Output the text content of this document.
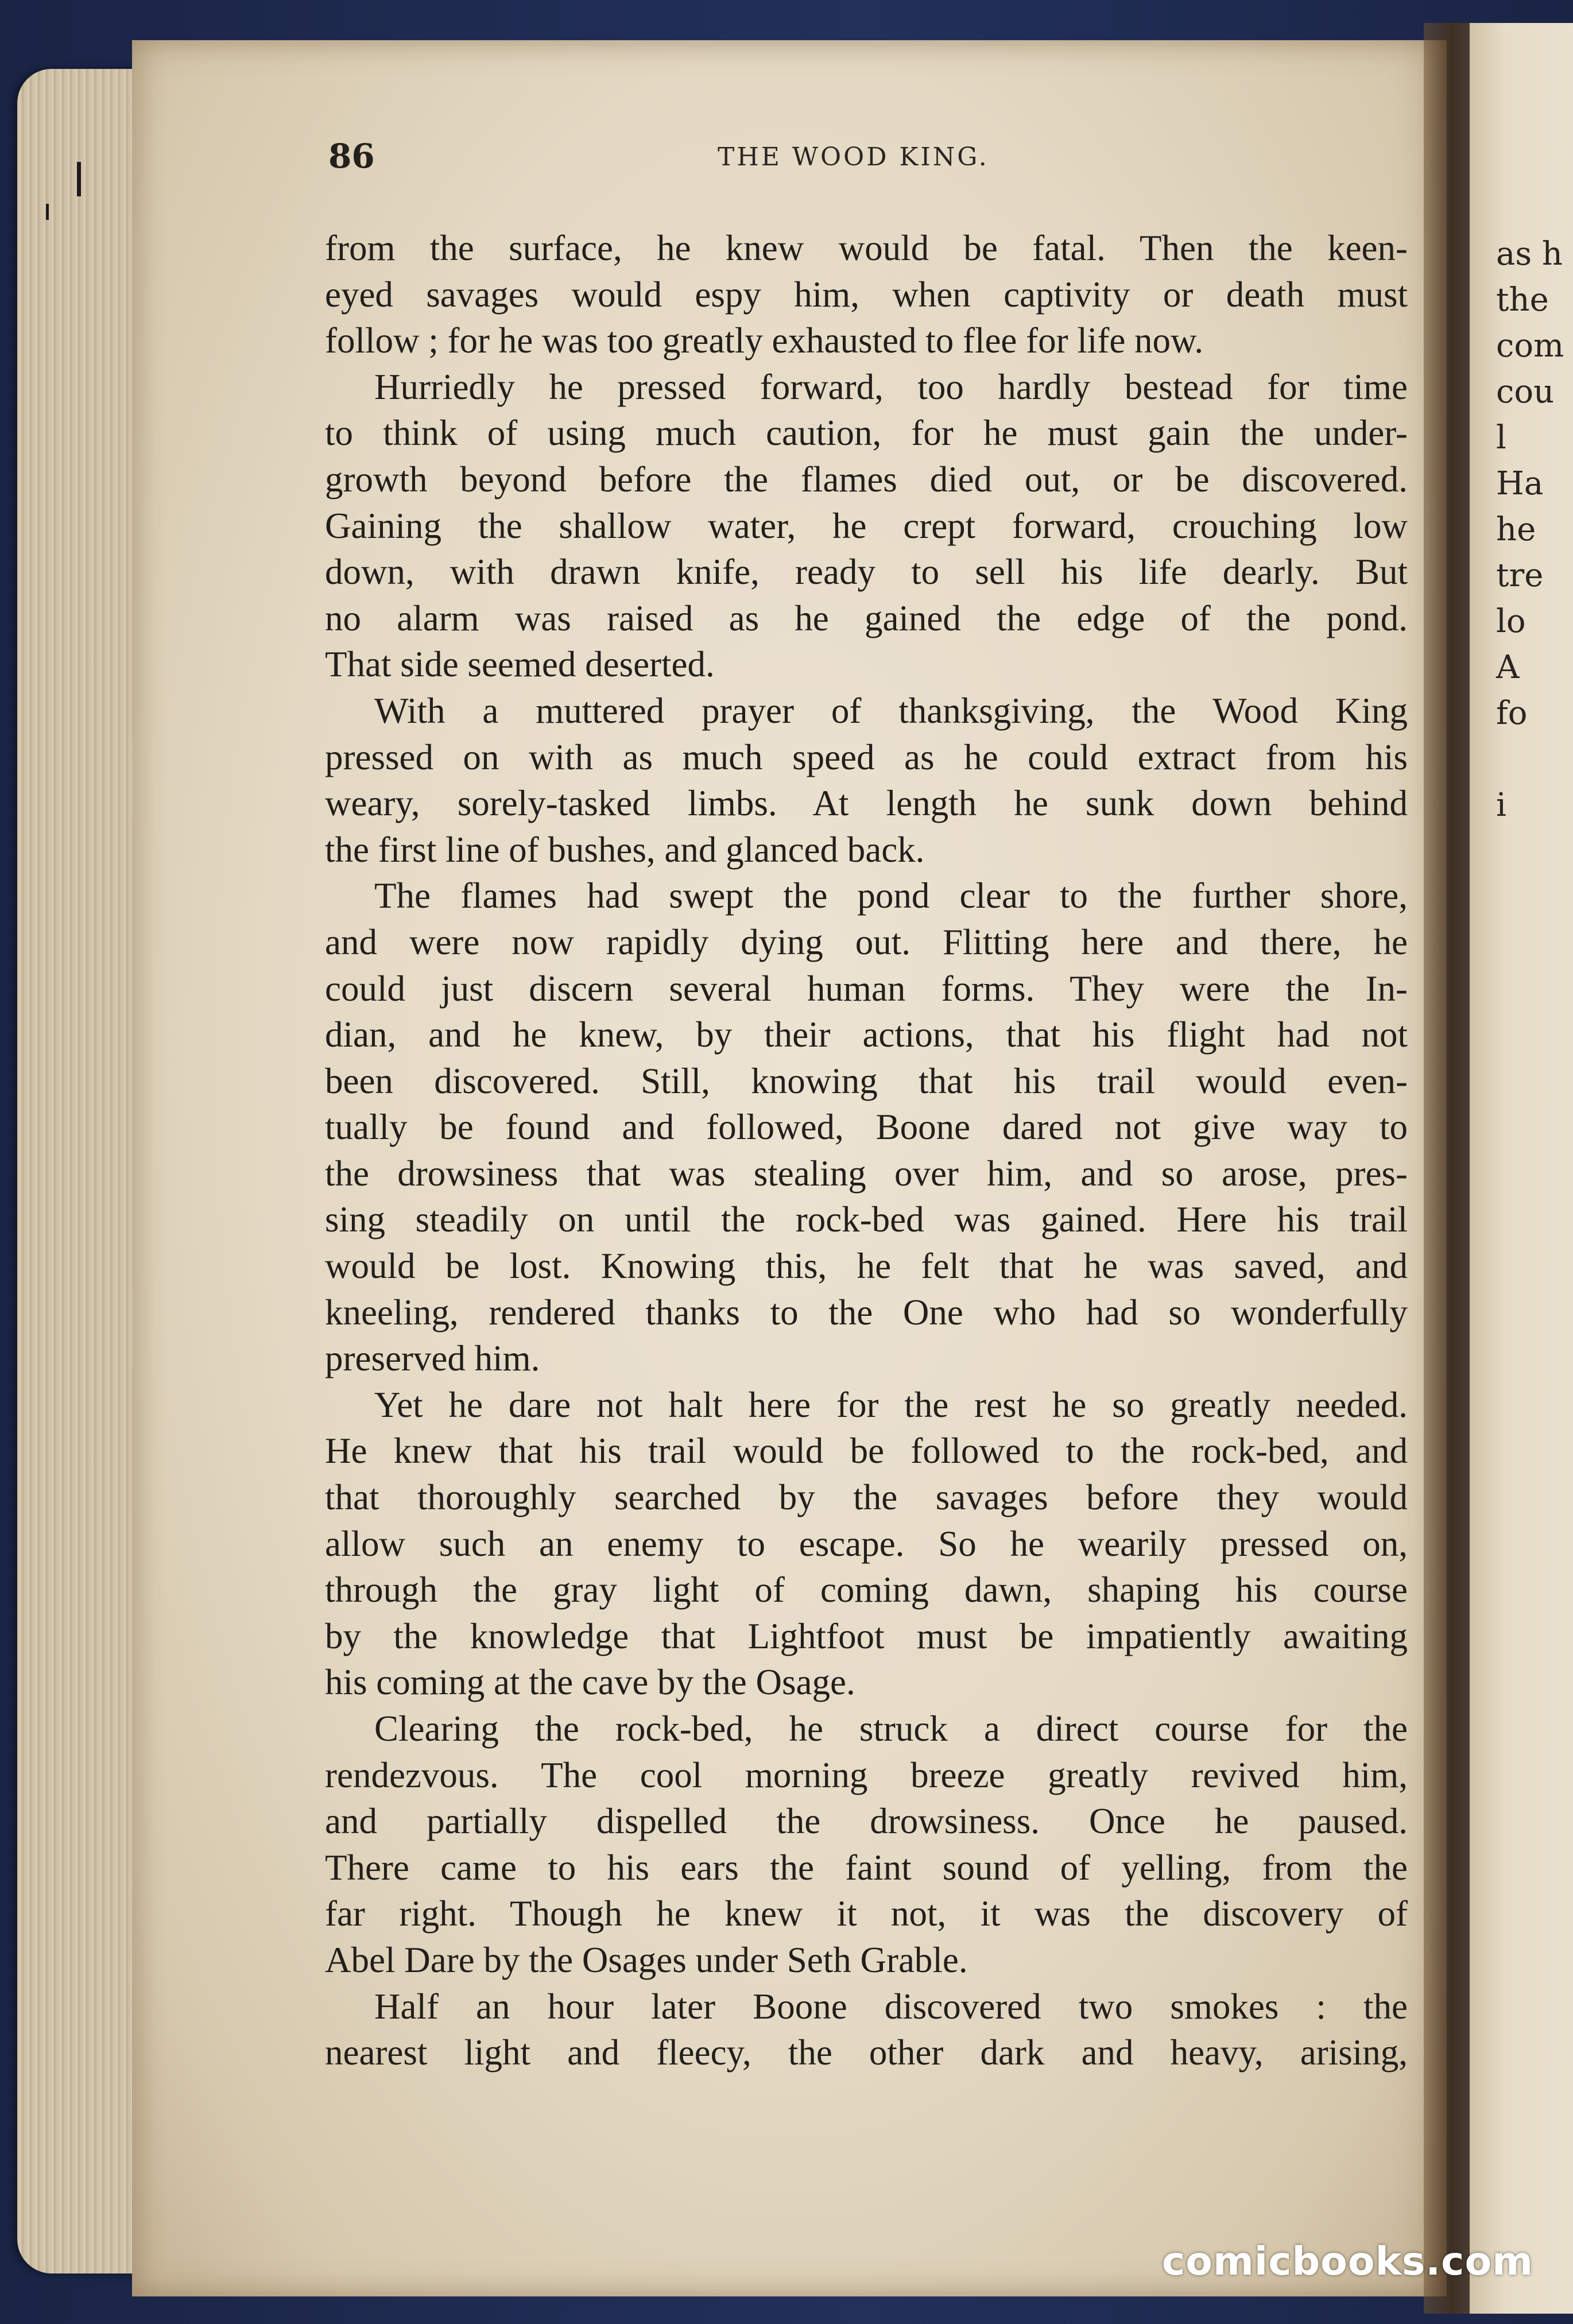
as h
the
com
cou
l
Ha
he
tre
lo
A
fo
i
86	THE WOOD KING.
from the surface, he knew would be fatal. Then the keen-
eyed savages would espy him, when captivity or death must
follow ; for he was too greatly exhausted to flee for life now.
Hurriedly he pressed forward, too hardly bestead for time
to think of using much caution, for he must gain the under-
growth beyond before the flames died out, or be discovered.
Gaining the shallow water, he crept forward, crouching low
down, with drawn knife, ready to sell his life dearly. But
no alarm was raised as he gained the edge of the pond.
That side seemed deserted.
With a muttered prayer of thanksgiving, the Wood King
pressed on with as much speed as he could extract from his
weary, sorely-tasked limbs. At length he sunk down behind
the first line of bushes, and glanced back.
The flames had swept the pond clear to the further shore,
and were now rapidly dying out. Flitting here and there, he
could just discern several human forms. They were the In-
dian, and he knew, by their actions, that his flight had not
been discovered. Still, knowing that his trail would even-
tually be found and followed, Boone dared not give way to
the drowsiness that was stealing over him, and so arose, pres-
sing steadily on until the rock-bed was gained. Here his trail
would be lost. Knowing this, he felt that he was saved, and
kneeling, rendered thanks to the One who had so wonderfully
preserved him.
Yet he dare not halt here for the rest he so greatly needed.
He knew that his trail would be followed to the rock-bed, and
that thoroughly searched by the savages before they would
allow such an enemy to escape. So he wearily pressed on,
through the gray light of coming dawn, shaping his course
by the knowledge that Lightfoot must be impatiently awaiting
his coming at the cave by the Osage.
Clearing the rock-bed, he struck a direct course for the
rendezvous. The cool morning breeze greatly revived him,
and partially dispelled the drowsiness. Once he paused.
There came to his ears the faint sound of yelling, from the
far right. Though he knew it not, it was the discovery of
Abel Dare by the Osages under Seth Grable.
Half an hour later Boone discovered two smokes : the
nearest light and fleecy, the other dark and heavy, arising,
comicbooks.com
